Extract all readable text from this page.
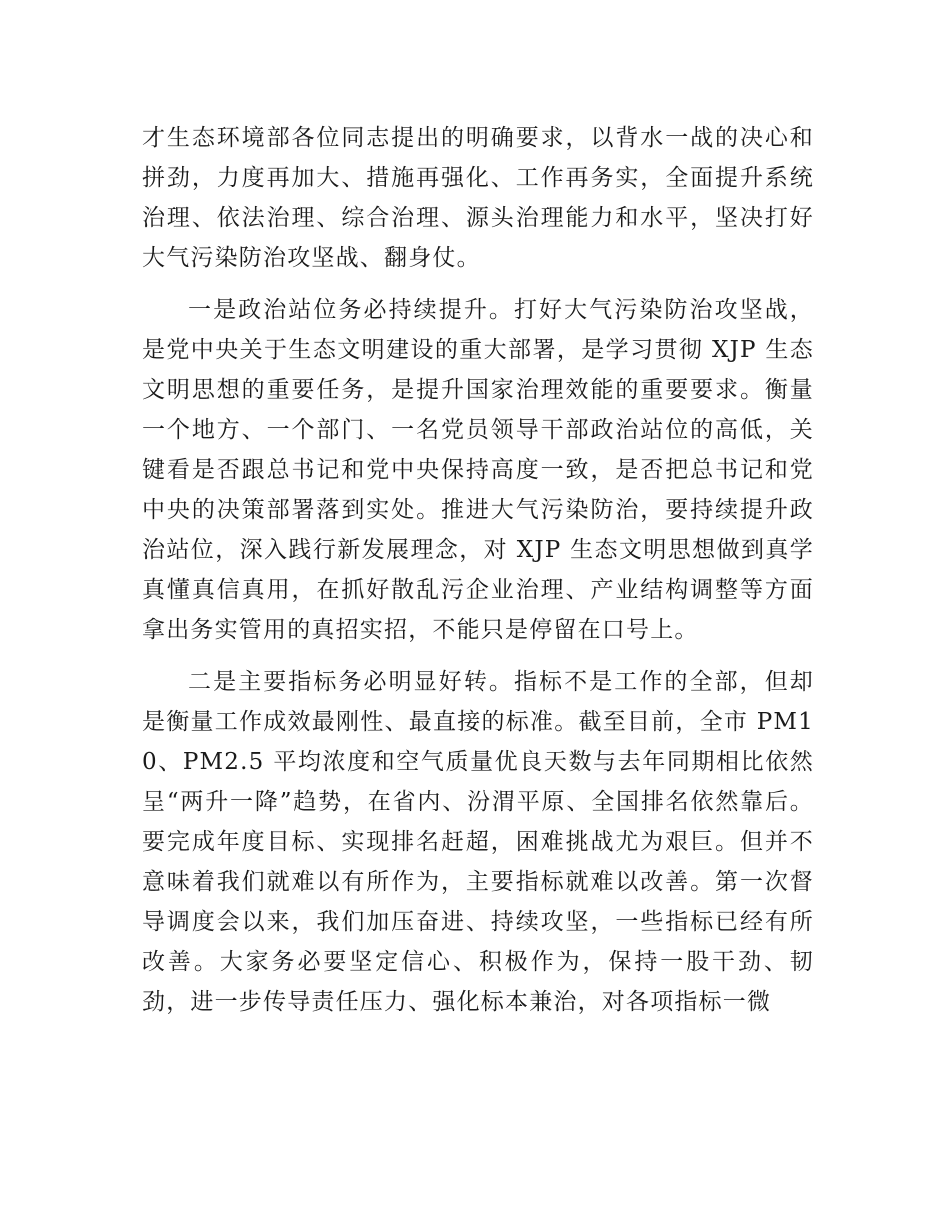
才生态环境部各位同志提出的明确要求，以背水一战的决心和拼劲，力度再加大、措施再强化、工作再务实，全面提升系统治理、依法治理、综合治理、源头治理能力和水平，坚决打好大气污染防治攻坚战、翻身仗。

一是政治站位务必持续提升。打好大气污染防治攻坚战，是党中央关于生态文明建设的重大部署，是学习贯彻 XJP 生态文明思想的重要任务，是提升国家治理效能的重要要求。衡量一个地方、一个部门、一名党员领导干部政治站位的高低，关键看是否跟总书记和党中央保持高度一致，是否把总书记和党中央的决策部署落到实处。推进大气污染防治，要持续提升政治站位，深入践行新发展理念，对 XJP 生态文明思想做到真学真懂真信真用，在抓好散乱污企业治理、产业结构调整等方面拿出务实管用的真招实招，不能只是停留在口号上。

二是主要指标务必明显好转。指标不是工作的全部，但却是衡量工作成效最刚性、最直接的标准。截至目前，全市 PM10、PM2.5 平均浓度和空气质量优良天数与去年同期相比依然呈“两升一降”趋势，在省内、汾渭平原、全国排名依然靠后。要完成年度目标、实现排名赶超，困难挑战尤为艰巨。但并不意味着我们就难以有所作为，主要指标就难以改善。第一次督导调度会以来，我们加压奋进、持续攻坚，一些指标已经有所改善。大家务必要坚定信心、积极作为，保持一股干劲、韧劲，进一步传导责任压力、强化标本兼治，对各项指标一微
